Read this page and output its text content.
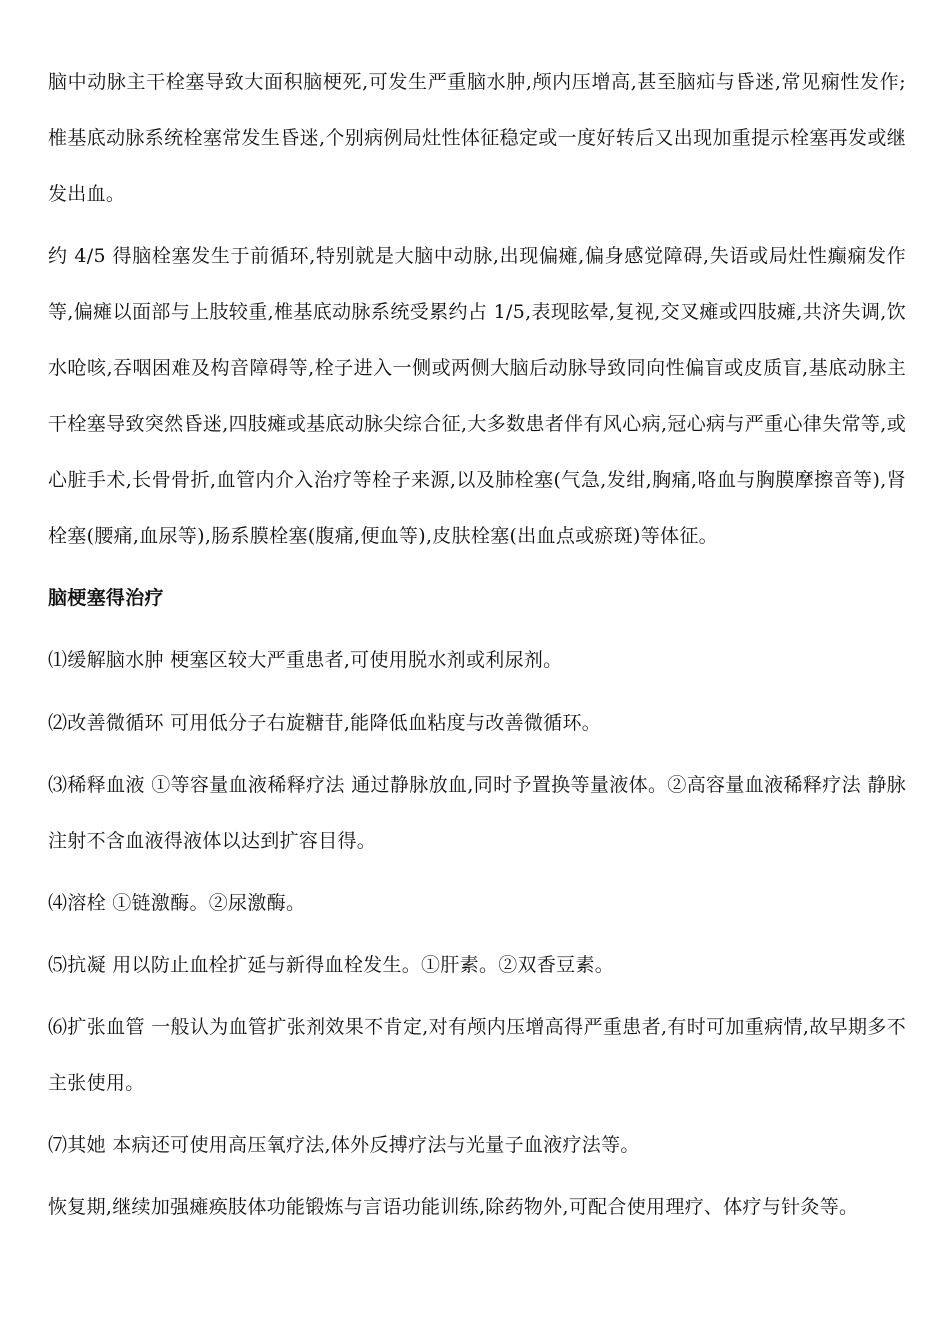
脑中动脉主干栓塞导致大面积脑梗死,可发生严重脑水肿,颅内压增高,甚至脑疝与昏迷,常见痫性发作;椎基底动脉系统栓塞常发生昏迷,个别病例局灶性体征稳定或一度好转后又出现加重提示栓塞再发或继发出血。

约 4/5 得脑栓塞发生于前循环,特别就是大脑中动脉,出现偏瘫,偏身感觉障碍,失语或局灶性癫痫发作等,偏瘫以面部与上肢较重,椎基底动脉系统受累约占 1/5,表现眩晕,复视,交叉瘫或四肢瘫,共济失调,饮水呛咳,吞咽困难及构音障碍等,栓子进入一侧或两侧大脑后动脉导致同向性偏盲或皮质盲,基底动脉主干栓塞导致突然昏迷,四肢瘫或基底动脉尖综合征,大多数患者伴有风心病,冠心病与严重心律失常等,或心脏手术,长骨骨折,血管内介入治疗等栓子来源,以及肺栓塞(气急,发绀,胸痛,咯血与胸膜摩擦音等),肾栓塞(腰痛,血尿等),肠系膜栓塞(腹痛,便血等),皮肤栓塞(出血点或瘀斑)等体征。

脑梗塞得治疗

⑴缓解脑水肿 梗塞区较大严重患者,可使用脱水剂或利尿剂。

⑵改善微循环 可用低分子右旋糖苷,能降低血粘度与改善微循环。

⑶稀释血液 ①等容量血液稀释疗法 通过静脉放血,同时予置换等量液体。②高容量血液稀释疗法 静脉注射不含血液得液体以达到扩容目得。

⑷溶栓 ①链激酶。②尿激酶。

⑸抗凝 用以防止血栓扩延与新得血栓发生。①肝素。②双香豆素。

⑹扩张血管 一般认为血管扩张剂效果不肯定,对有颅内压增高得严重患者,有时可加重病情,故早期多不主张使用。

⑺其她 本病还可使用高压氧疗法,体外反搏疗法与光量子血液疗法等。

恢复期,继续加强瘫痪肢体功能锻炼与言语功能训练,除药物外,可配合使用理疗、体疗与针灸等。
